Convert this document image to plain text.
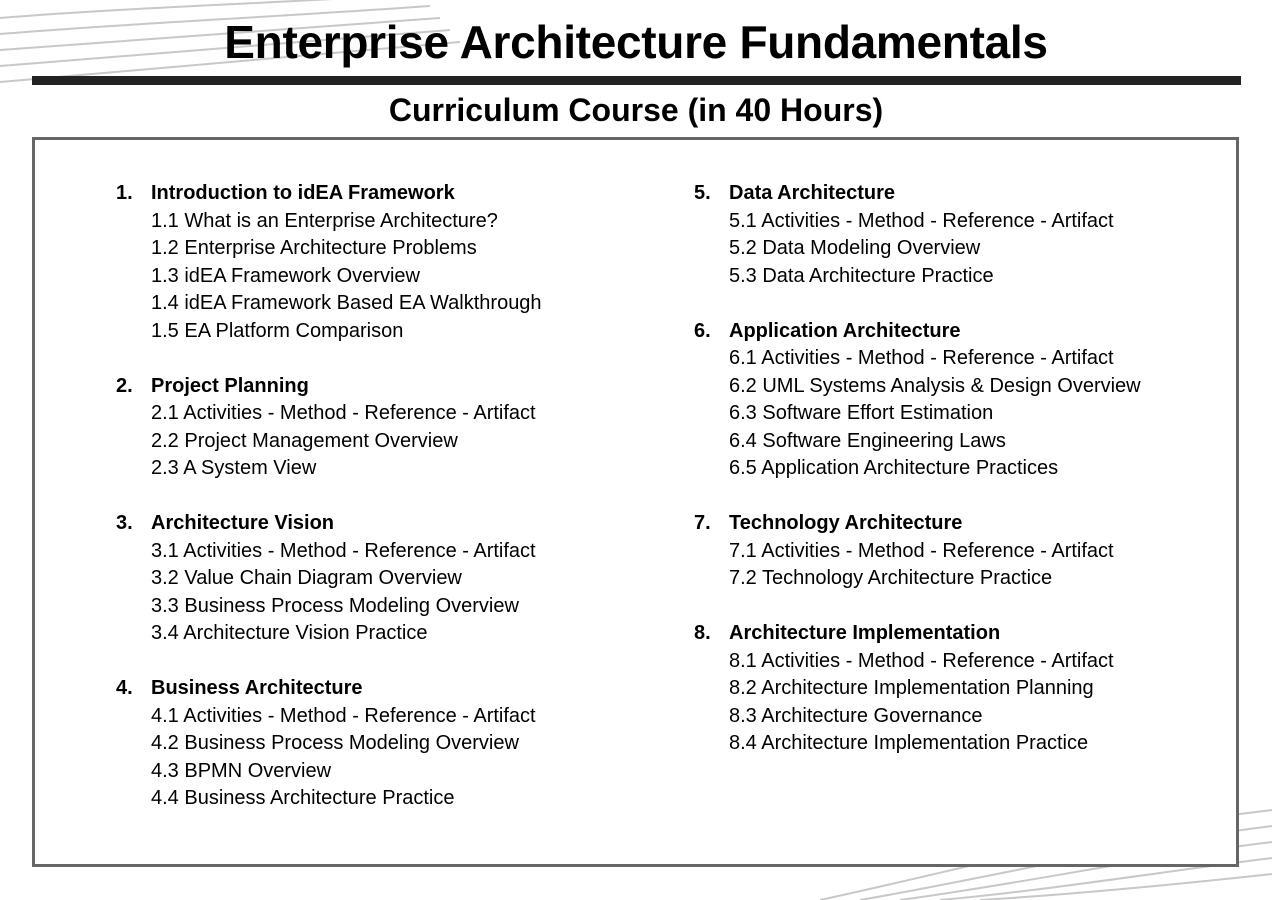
Enterprise Architecture Fundamentals
Curriculum Course (in 40 Hours)
1. Introduction to idEA Framework
1.1 What is an Enterprise Architecture?
1.2 Enterprise Architecture Problems
1.3 idEA Framework Overview
1.4 idEA Framework Based EA Walkthrough
1.5 EA Platform Comparison
2. Project Planning
2.1 Activities - Method - Reference - Artifact
2.2 Project Management Overview
2.3 A System View
3. Architecture Vision
3.1 Activities - Method - Reference - Artifact
3.2 Value Chain Diagram Overview
3.3 Business Process Modeling Overview
3.4 Architecture Vision Practice
4. Business Architecture
4.1 Activities - Method - Reference - Artifact
4.2 Business Process Modeling Overview
4.3 BPMN Overview
4.4 Business Architecture Practice
5. Data Architecture
5.1 Activities - Method - Reference - Artifact
5.2 Data Modeling Overview
5.3 Data Architecture Practice
6. Application Architecture
6.1 Activities - Method - Reference - Artifact
6.2 UML Systems Analysis & Design Overview
6.3 Software Effort Estimation
6.4 Software Engineering Laws
6.5 Application Architecture Practices
7. Technology Architecture
7.1 Activities - Method - Reference - Artifact
7.2 Technology Architecture Practice
8. Architecture Implementation
8.1 Activities - Method - Reference - Artifact
8.2 Architecture Implementation Planning
8.3 Architecture Governance
8.4 Architecture Implementation Practice
